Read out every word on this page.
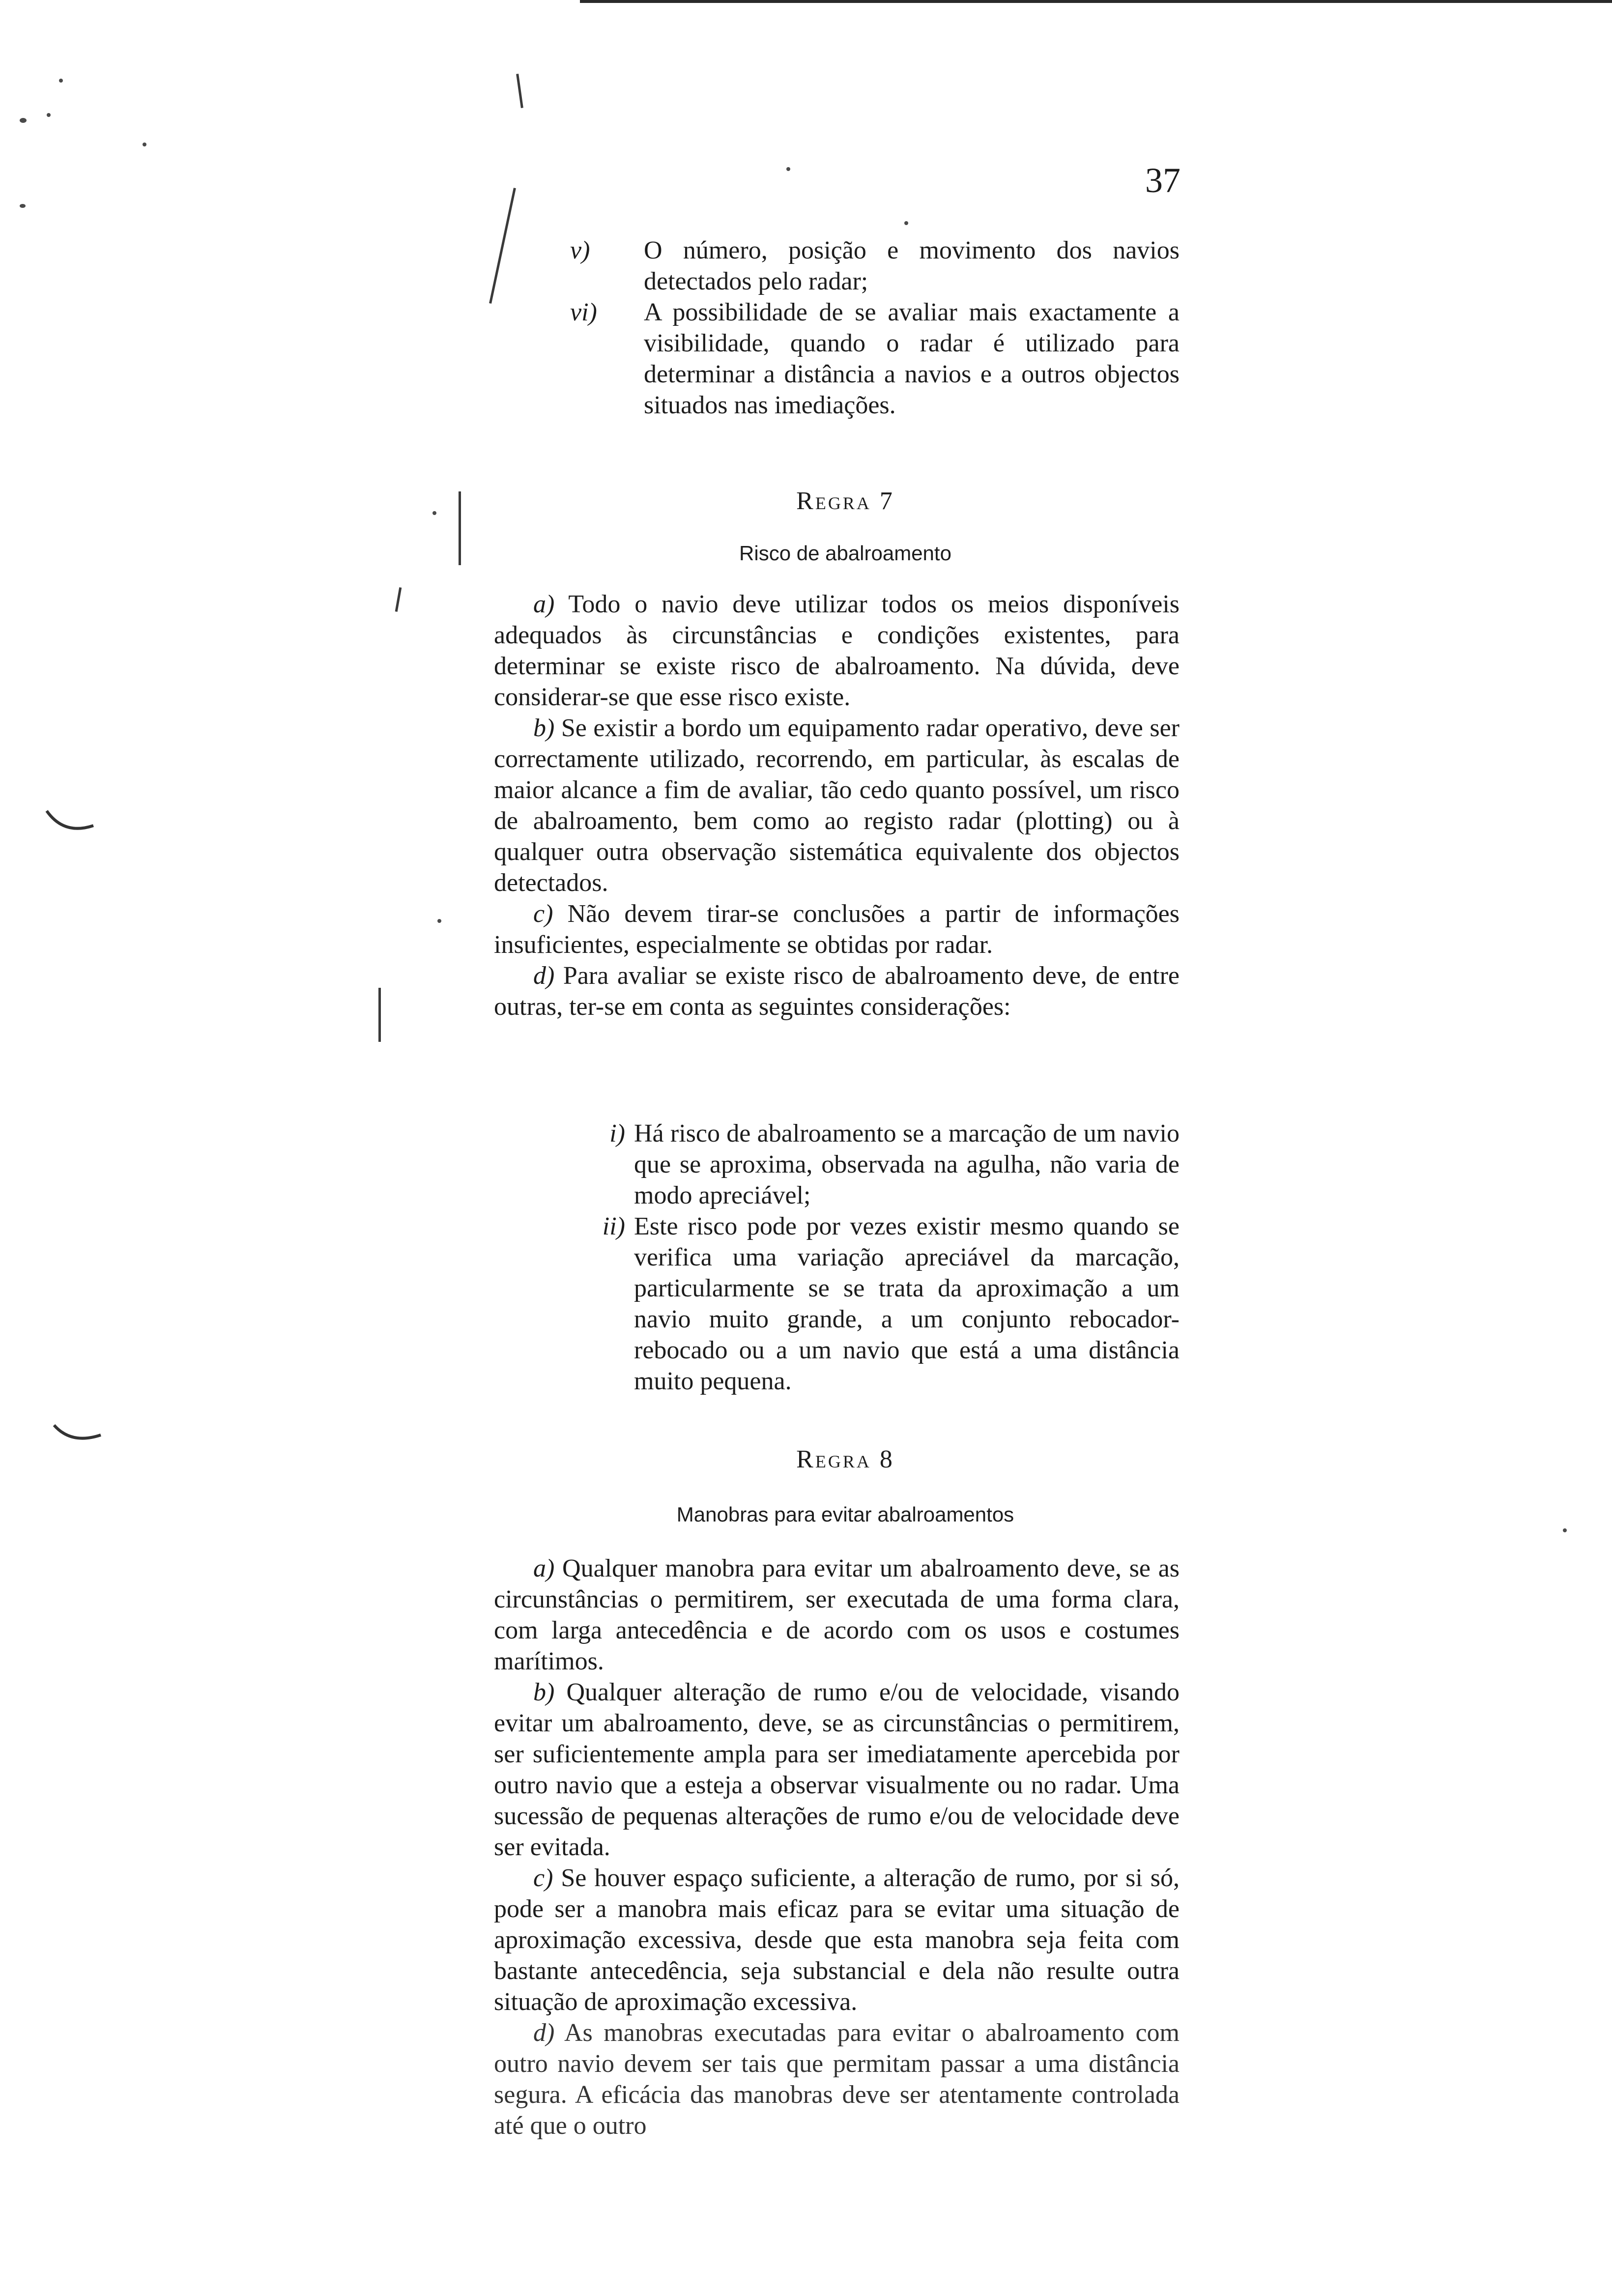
37
v) O número, posição e movimento dos navios detectados pelo radar;
vi) A possibilidade de se avaliar mais exactamente a visibilidade, quando o radar é utilizado para determinar a distância a navios e a outros objectos situados nas imediações.
Regra 7
Risco de abalroamento

a) Todo o navio deve utilizar todos os meios disponíveis adequados às circunstâncias e condições existentes, para determinar se existe risco de abalroamento. Na dúvida, deve considerar-se que esse risco existe.

b) Se existir a bordo um equipamento radar operativo, deve ser correctamente utilizado, recorrendo, em particular, às escalas de maior alcance a fim de avaliar, tão cedo quanto possível, um risco de abalroamento, bem como ao registo radar (plotting) ou à qualquer outra observação sistemática equivalente dos objectos detectados.

c) Não devem tirar-se conclusões a partir de informações insuficientes, especialmente se obtidas por radar.

d) Para avaliar se existe risco de abalroamento deve, de entre outras, ter-se em conta as seguintes considerações:

i) Há risco de abalroamento se a marcação de um navio que se aproxima, observada na agulha, não varia de modo apreciável;
ii) Este risco pode por vezes existir mesmo quando se verifica uma variação apreciável da marcação, particularmente se se trata da aproximação a um navio muito grande, a um conjunto rebocador-rebocado ou a um navio que está a uma distância muito pequena.
Regra 8
Manobras para evitar abalroamentos

a) Qualquer manobra para evitar um abalroamento deve, se as circunstâncias o permitirem, ser executada de uma forma clara, com larga antecedência e de acordo com os usos e costumes marítimos.

b) Qualquer alteração de rumo e/ou de velocidade, visando evitar um abalroamento, deve, se as circunstâncias o permitirem, ser suficientemente ampla para ser imediatamente apercebida por outro navio que a esteja a observar visualmente ou no radar. Uma sucessão de pequenas alterações de rumo e/ou de velocidade deve ser evitada.

c) Se houver espaço suficiente, a alteração de rumo, por si só, pode ser a manobra mais eficaz para se evitar uma situação de aproximação excessiva, desde que esta manobra seja feita com bastante antecedência, seja substancial e dela não resulte outra situação de aproximação excessiva.

d) As manobras executadas para evitar o abalroamento com outro navio devem ser tais que permitam passar a uma distância segura. A eficácia das manobras deve ser atentamente controlada até que o outro
